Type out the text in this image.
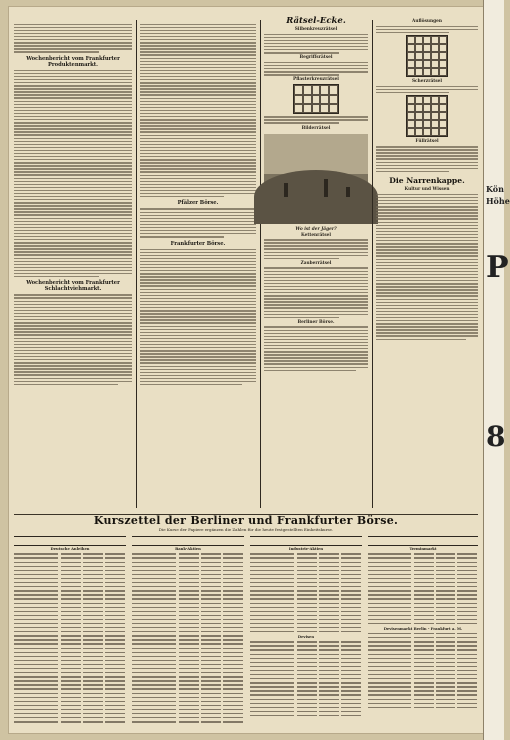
Wochenbericht vom Frankfurter Produktenmarkt.
Wochenbericht vom Frankfurter Schlachtviehmarkt.
Pfälzer Börse.
Frankfurter Börse.
Rätsel-Ecke.
Silbenkreuzrätsel
Begriffsrätsel
Pflasterkreuzrätsel
Bilderrätsel
Wo ist der Jäger?
Kettenrätsel
Zauberrätsel
Berliner Börse.
Auflösungen
Scherzrätsel
Füllrätsel
Die Narrenkappe.
Kultur und Wissen
Kurszettel der Berliner und Frankfurter Börse.
Die Kurse der Papiere ergänzen die Zahlen für die heute festgestellten Einheitskurse.
Deutsche Anleihen	Bank-Aktien	Industrie-Aktien
Devisen
Terminmarkt
Devisenmarkt Berlin - Frankfurt a. M.
Kön
Höhe
P
8
